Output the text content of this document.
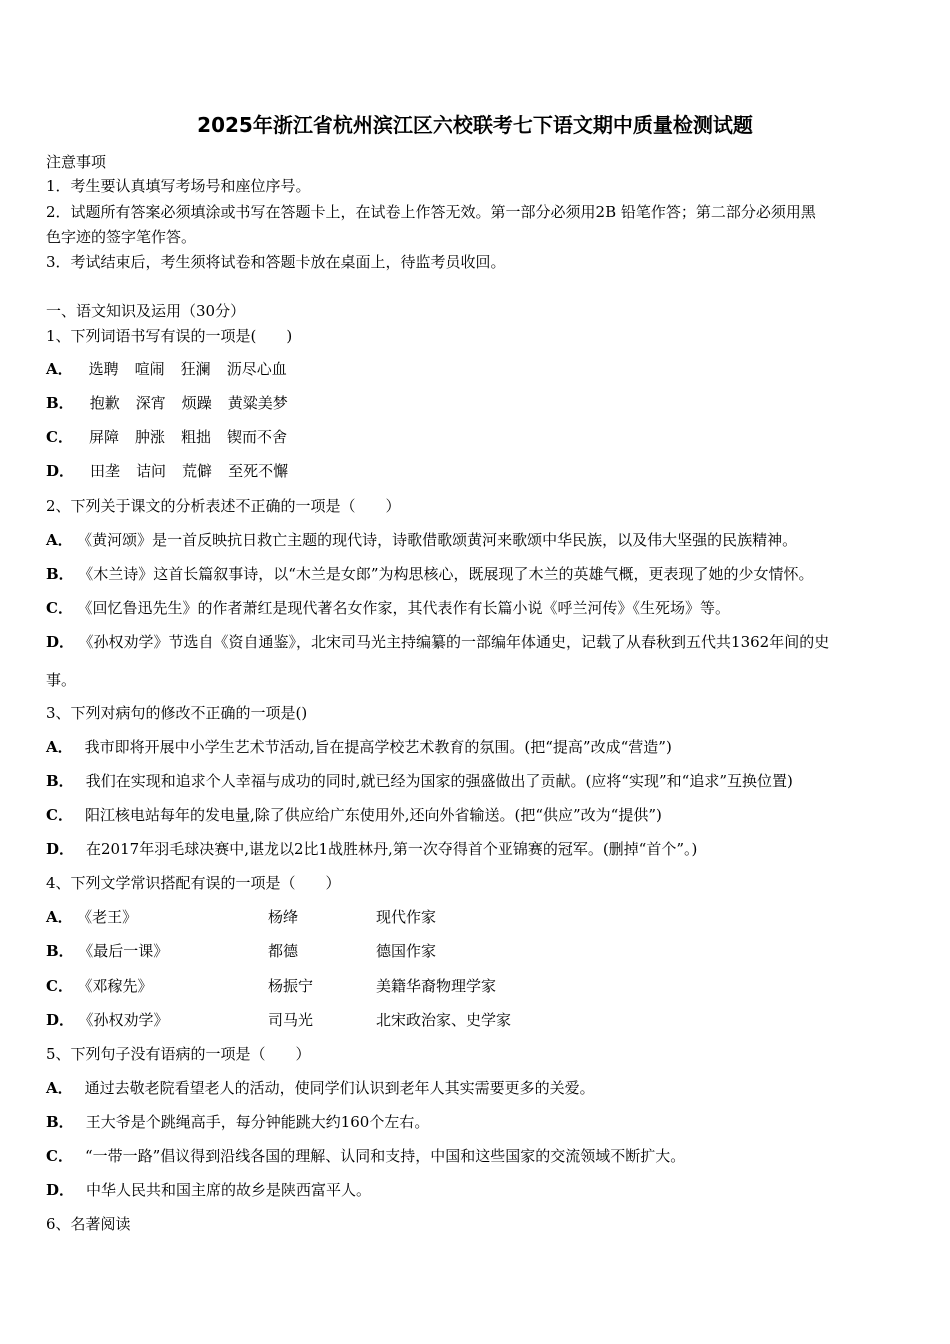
2025年浙江省杭州滨江区六校联考七下语文期中质量检测试题
注意事项
1．考生要认真填写考场号和座位序号。
2．试题所有答案必须填涂或书写在答题卡上，在试卷上作答无效。第一部分必须用2B 铅笔作答；第二部分必须用黑
色字迹的签字笔作答。
3．考试结束后，考生须将试卷和答题卡放在桌面上，待监考员收回。
一、语文知识及运用（30分）
1、下列词语书写有误的一项是(　　)
A． 选聘 喧闹 狂澜 沥尽心血
B． 抱歉 深宵 烦躁 黄粱美梦
C． 屏障 肿涨 粗拙 锲而不舍
D． 田垄 诘问 荒僻 至死不懈
2、下列关于课文的分析表述不正确的一项是（　　）
A． 《黄河颂》是一首反映抗日救亡主题的现代诗，诗歌借歌颂黄河来歌颂中华民族，以及伟大坚强的民族精神。
B． 《木兰诗》这首长篇叙事诗，以“木兰是女郎”为构思核心，既展现了木兰的英雄气概，更表现了她的少女情怀。
C． 《回忆鲁迅先生》的作者萧红是现代著名女作家，其代表作有长篇小说《呼兰河传》《生死场》等。
D． 《孙权劝学》节选自《资自通鉴》，北宋司马光主持编纂的一部编年体通史，记载了从春秋到五代共1362年间的史
事。
3、下列对病句的修改不正确的一项是()
A． 我市即将开展中小学生艺术节活动,旨在提高学校艺术教育的氛围。(把“提高”改成“营造”)
B． 我们在实现和追求个人幸福与成功的同时,就已经为国家的强盛做出了贡献。(应将“实现”和“追求”互换位置)
C． 阳江核电站每年的发电量,除了供应给广东使用外,还向外省输送。(把“供应”改为“提供”)
D． 在2017年羽毛球决赛中,谌龙以2比1战胜林丹,第一次夺得首个亚锦赛的冠军。(删掉“首个”。)
4、下列文学常识搭配有误的一项是（　　）
A． 《老王》	杨绛	现代作家
B． 《最后一课》	都德	德国作家
C． 《邓稼先》	杨振宁	美籍华裔物理学家
D． 《孙权劝学》	司马光	北宋政治家、史学家
5、下列句子没有语病的一项是（　　）
A． 通过去敬老院看望老人的活动，使同学们认识到老年人其实需要更多的关爱。
B． 王大爷是个跳绳高手，每分钟能跳大约160个左右。
C． “一带一路”倡议得到沿线各国的理解、认同和支持，中国和这些国家的交流领域不断扩大。
D． 中华人民共和国主席的故乡是陕西富平人。
6、名著阅读
